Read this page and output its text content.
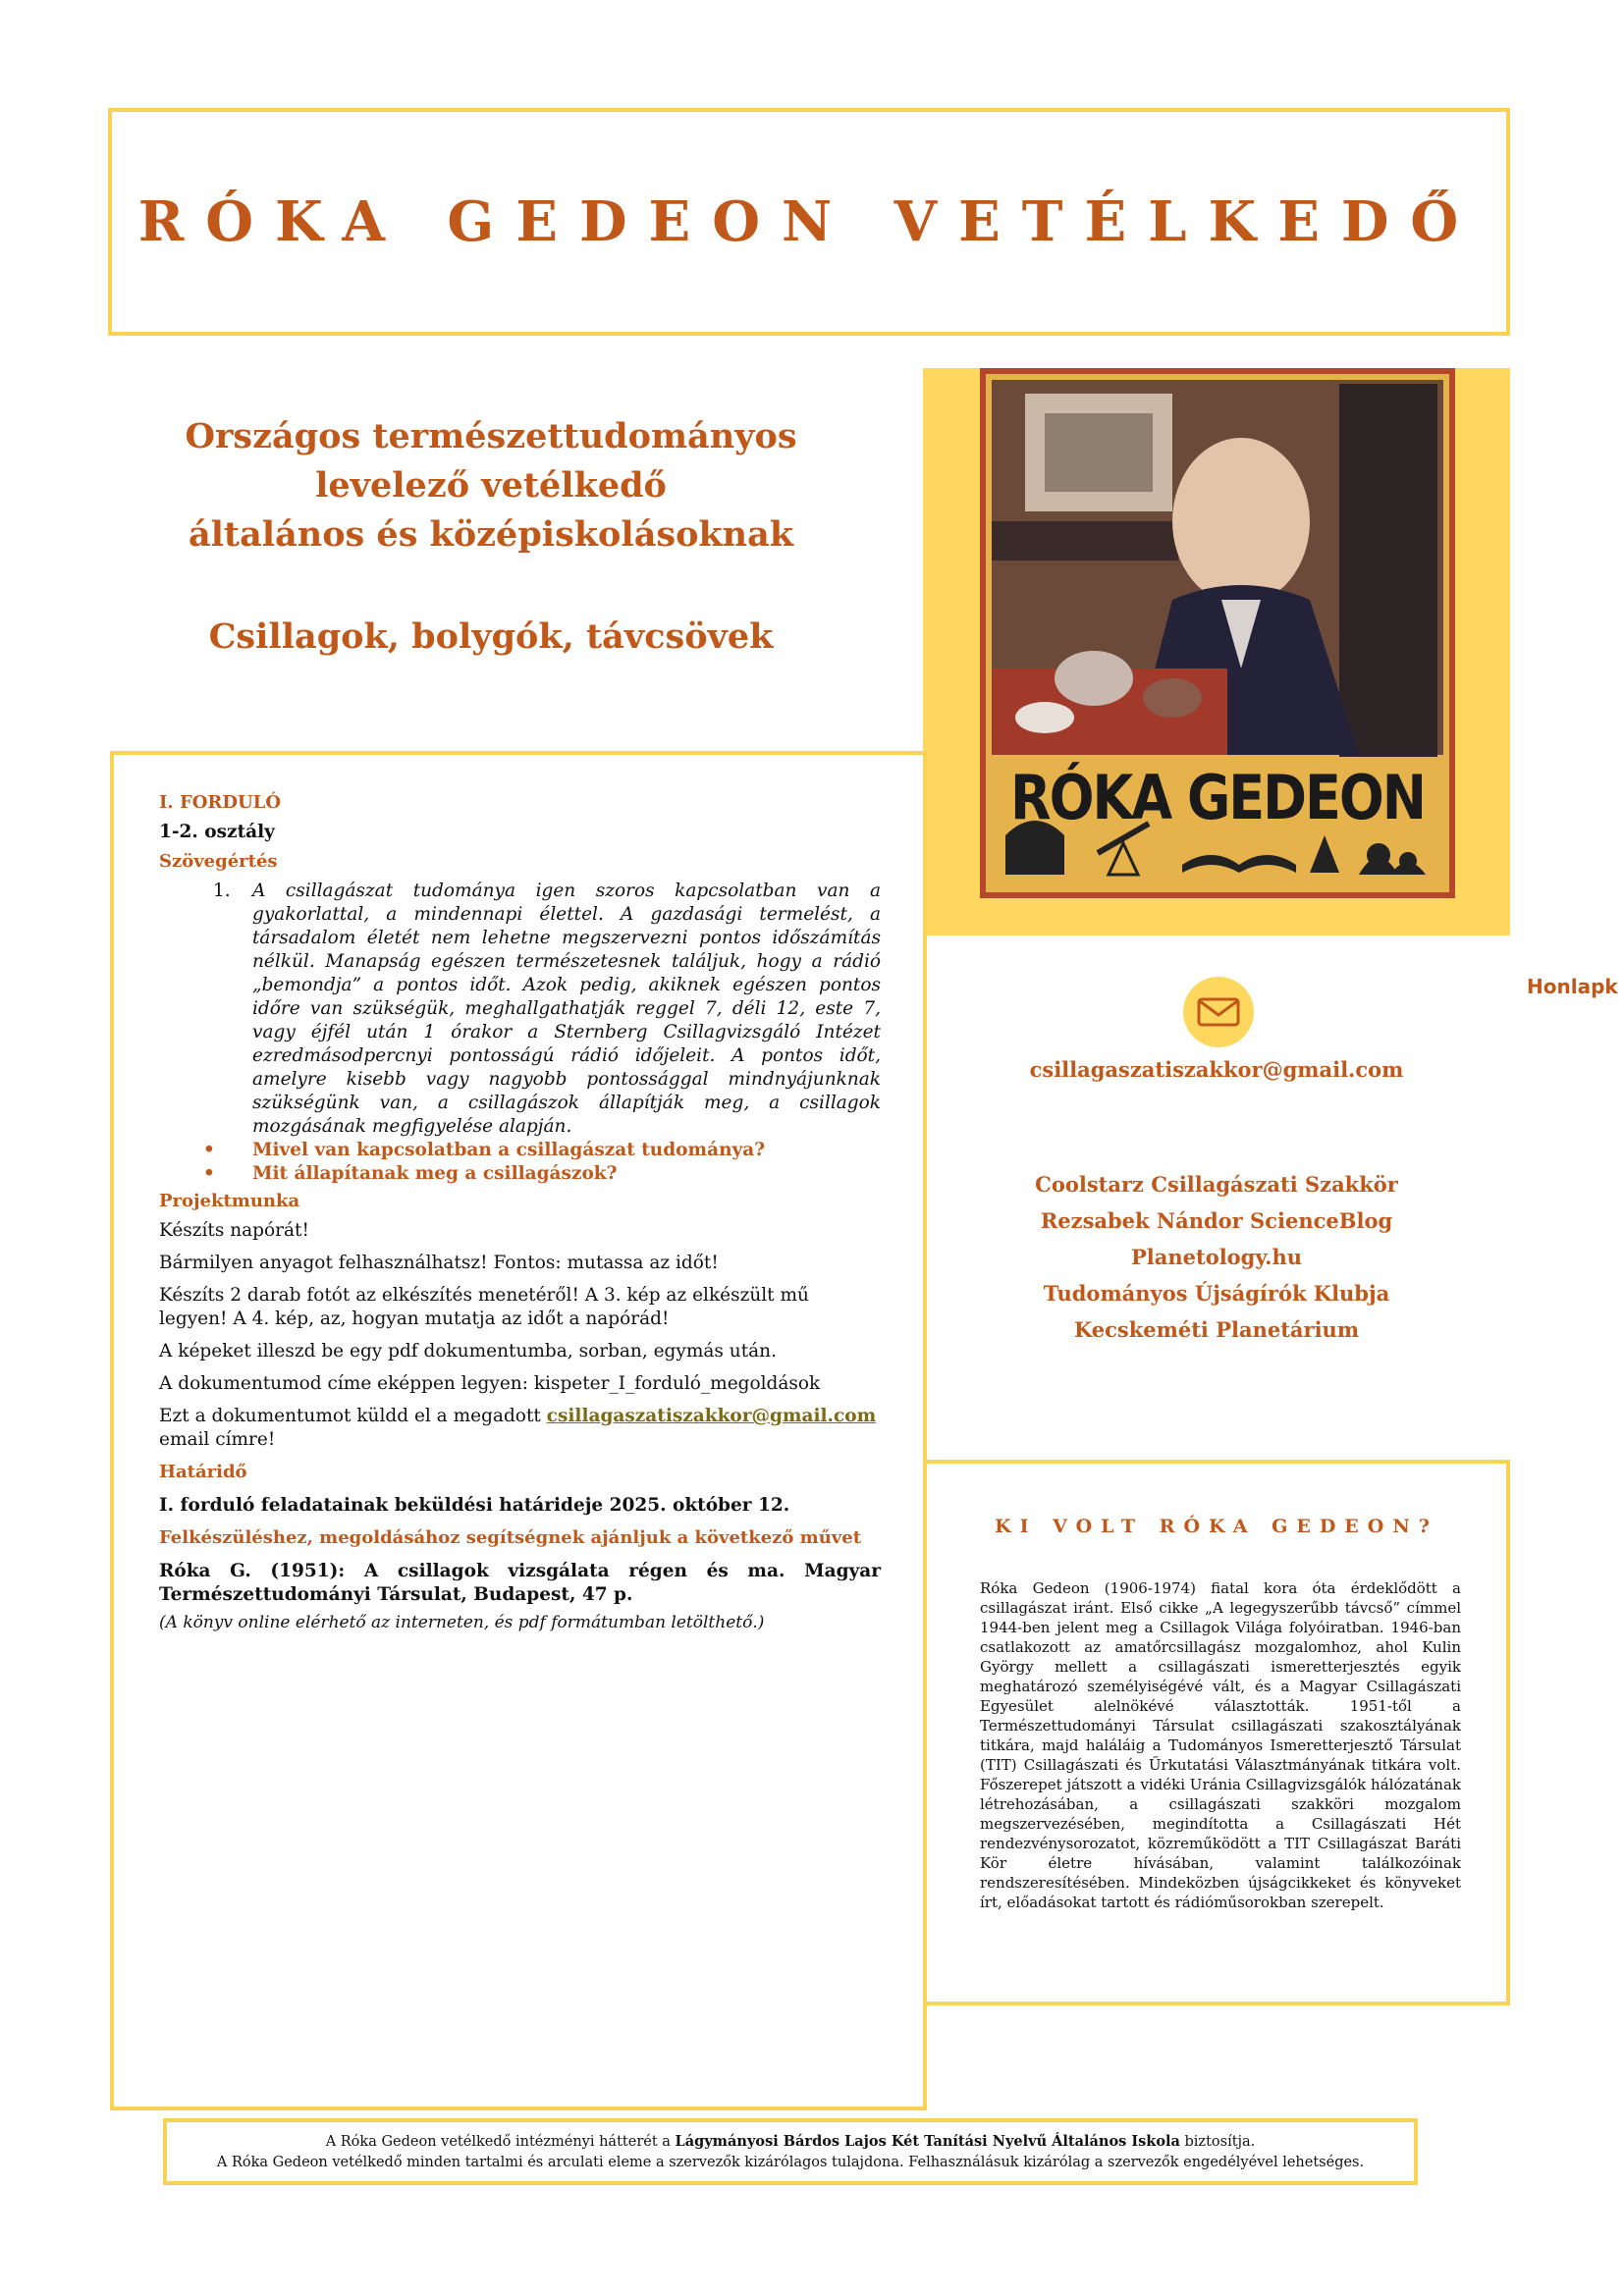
RÓKA GEDEON VETÉLKEDŐ
Országos természettudományos
levelező vetélkedő
általános és középiskolásoknak
Csillagok, bolygók, távcsövek
RÓKA GEDEON
I. FORDULÓ
1-2. osztály
Szövegértés
1. A csillagászat tudománya igen szoros kapcsolatban van a gyakorlattal, a mindennapi élettel. A gazdasági termelést, a társadalom életét nem lehetne megszervezni pontos időszámítás nélkül. Manapság egészen természetesnek találjuk, hogy a rádió „bemondja” a pontos időt. Azok pedig, akiknek egészen pontos időre van szükségük, meghallgathatják reggel 7, déli 12, este 7, vagy éjfél után 1 órakor a Sternberg Csillagvizsgáló Intézet ezredmásodpercnyi pontosságú rádió időjeleit. A pontos időt, amelyre kisebb vagy nagyobb pontossággal mindnyájunknak szükségünk van, a csillagászok állapítják meg, a csillagok mozgásának megfigyelése alapján.
• Mivel van kapcsolatban a csillagászat tudománya?
• Mit állapítanak meg a csillagászok?
Projektmunka

Készíts napórát!

Bármilyen anyagot felhasználhatsz! Fontos: mutassa az időt!

Készíts 2 darab fotót az elkészítés menetéről! A 3. kép az elkészült mű legyen! A 4. kép, az, hogyan mutatja az időt a napórád!

A képeket illeszd be egy pdf dokumentumba, sorban, egymás után.

A dokumentumod címe eképpen legyen: kispeter_I_forduló_megoldások

Ezt a dokumentumot küldd el a megadott csillagaszatiszakkor@gmail.com
email címre!

Határidő

I. forduló feladatainak beküldési határideje 2025. október 12.

Felkészüléshez, megoldásához segítségnek ajánljuk a következő művet

Róka G. (1951): A csillagok vizsgálata régen és ma. Magyar Természettudományi Társulat, Budapest, 47 p.

(A könyv online elérhető az interneten, és pdf formátumban letölthető.)

Honlapk
csillagaszatiszakkor@gmail.com
Coolstarz Csillagászati Szakkör
Rezsabek Nándor ScienceBlog
Planetology.hu
Tudományos Újságírók Klubja
Kecskeméti Planetárium
KI VOLT RÓKA GEDEON?
Róka Gedeon (1906-1974) fiatal kora óta érdeklődött a csillagászat iránt. Első cikke „A legegyszerűbb távcső” címmel 1944-ben jelent meg a Csillagok Világa folyóiratban. 1946-ban csatlakozott az amatőrcsillagász mozgalomhoz, ahol Kulin György mellett a csillagászati ismeretterjesztés egyik meghatározó személyiségévé vált, és a Magyar Csillagászati Egyesület alelnökévé választották. 1951-től a Természettudományi Társulat csillagászati szakosztályának titkára, majd haláláig a Tudományos Ismeretterjesztő Társulat (TIT) Csillagászati és Űrkutatási Választmányának titkára volt. Főszerepet játszott a vidéki Uránia Csillagvizsgálók hálózatának létrehozásában, a csillagászati szakköri mozgalom megszervezésében, megindította a Csillagászati Hét rendezvénysorozatot, közreműködött a TIT Csillagászat Baráti Kör életre hívásában, valamint találkozóinak rendszeresítésében. Mindeközben újságcikkeket és könyveket írt, előadásokat tartott és rádióműsorokban szerepelt.
A Róka Gedeon vetélkedő intézményi hátterét a Lágymányosi Bárdos Lajos Két Tanítási Nyelvű Általános Iskola biztosítja.
A Róka Gedeon vetélkedő minden tartalmi és arculati eleme a szervezők kizárólagos tulajdona. Felhasználásuk kizárólag a szervezők engedélyével lehetséges.
